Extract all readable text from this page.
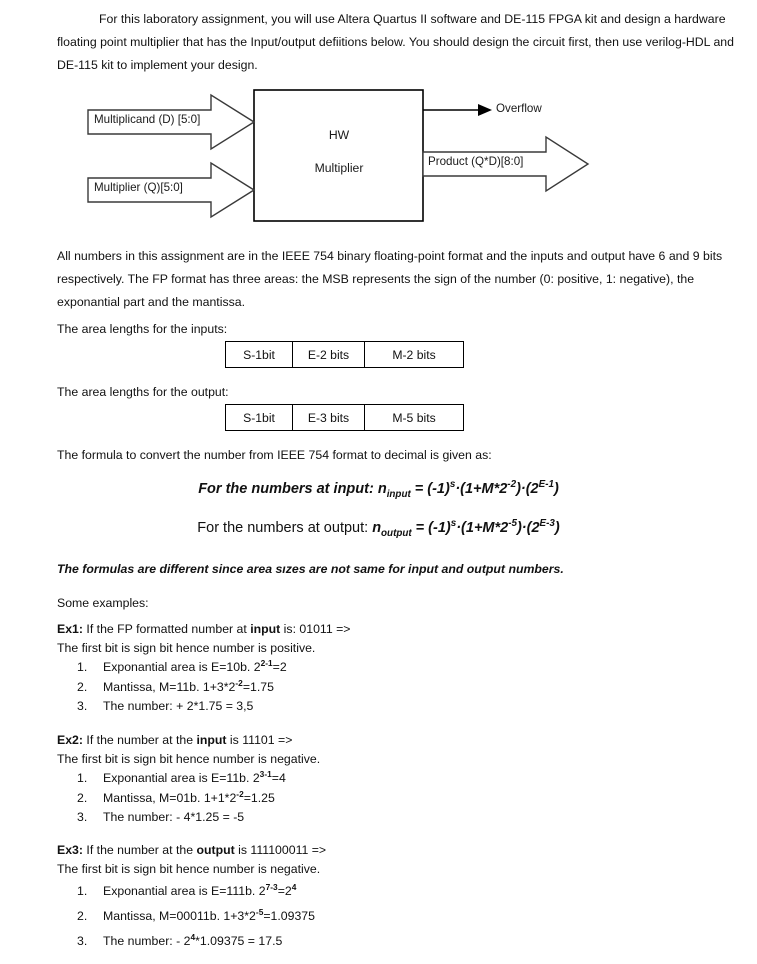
For this laboratory assignment, you will use Altera Quartus II software and DE-115 FPGA kit and design a hardware floating point multiplier that has the Input/output defiitions below. You should design the circuit first, then use verilog-HDL and DE-115 kit to implement your design.
HW
Multiplier
Multiplicand (D) [5:0]
Multiplier (Q)[5:0]
Overflow
Product (Q*D)[8:0]
All numbers in this assignment are in the IEEE 754 binary floating-point format and the inputs and output have 6 and 9 bits respectively. The FP format has three areas: the MSB represents the sign of the number (0: positive, 1: negative), the exponantial part and the mantissa.
The area lengths for the inputs:
S-1bit	E-2 bits	M-2 bits
The area lengths for the output:
S-1bit	E-3 bits	M-5 bits
The formula to convert the number from IEEE 754 format to decimal is given as:
For the numbers at input: $n_{input} = (-1)^s\cdot(1+M*2^{-2})\cdot(2^{E-1})$
For the numbers at output: $n_{output} = (-1)^s\cdot(1+M*2^{-5})\cdot(2^{E-3})$
The formulas are different since area sızes are not same for input and output numbers.
Some examples:
Ex1: If the FP formatted number at input is: 01011 =>
The first bit is sign bit hence number is positive.
1.	Exponantial area is E=10b. $2^{2-1}=2$
2.	Mantissa, M=11b. $1+3*2^{-2}=1.75$
3.	The number: + 2*1.75 = 3,5
Ex2: If the number at the input is 11101 =>
The first bit is sign bit hence number is negative.
1.	Exponantial area is E=11b. $2^{3-1}=4$
2.	Mantissa, M=01b. $1+1*2^{-2}=1.25$
3.	The number: - 4*1.25 = -5
Ex3: If the number at the output is 111100011 =>
The first bit is sign bit hence number is negative.
1.	Exponantial area is E=111b. $2^{7-3}=2^4$
2.	Mantissa, M=00011b. $1+3*2^{-5}=1.09375$
3.	The number: - $2^4*1.09375 = 17.5$
